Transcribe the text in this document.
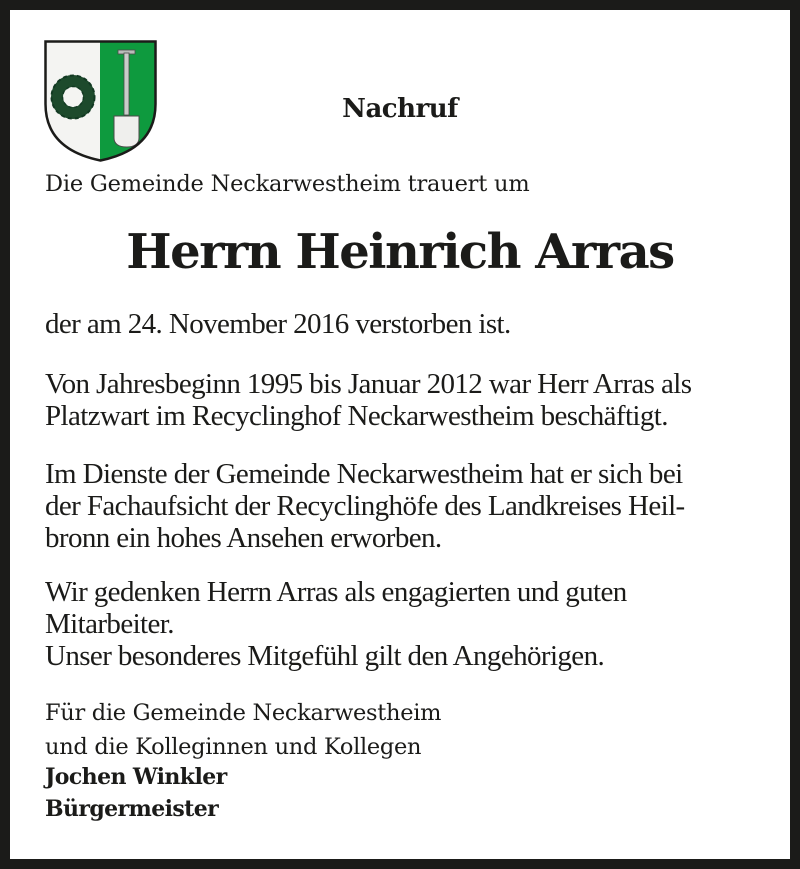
Nachruf
Die Gemeinde Neckarwestheim trauert um
Herrn Heinrich Arras
der am 24. November 2016 verstorben ist.
Von Jahresbeginn 1995 bis Januar 2012 war Herr Arras als
Platzwart im Recyclinghof Neckarwestheim beschäftigt.
Im Dienste der Gemeinde Neckarwestheim hat er sich bei
der Fachaufsicht der Recyclinghöfe des Landkreises Heil-
bronn ein hohes Ansehen erworben.
Wir gedenken Herrn Arras als engagierten und guten
Mitarbeiter.
Unser besonderes Mitgefühl gilt den Angehörigen.
Für die Gemeinde Neckarwestheim
und die Kolleginnen und Kollegen
Jochen Winkler
Bürgermeister
